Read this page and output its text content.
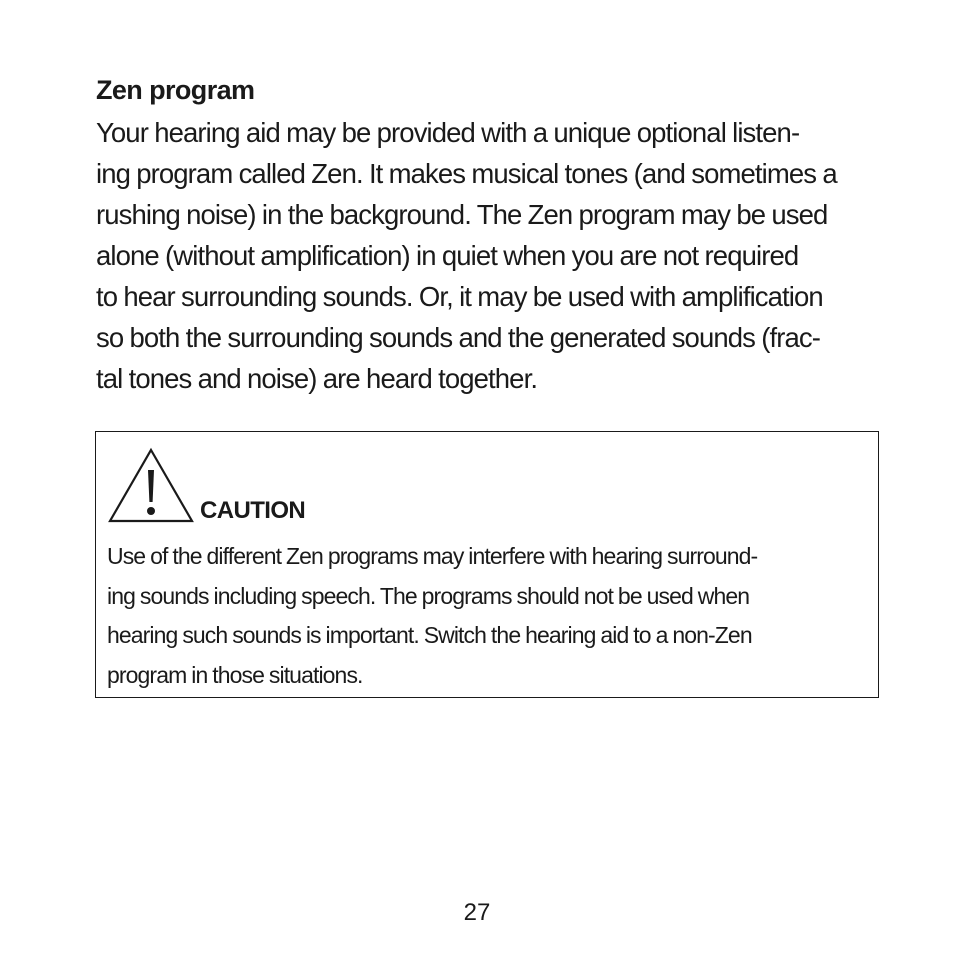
Zen program

Your hearing aid may be provided with a unique optional listen-
ing program called Zen. It makes musical tones (and sometimes a
rushing noise) in the background. The Zen program may be used
alone (without amplification) in quiet when you are not required
to hear surrounding sounds. Or, it may be used with amplification
so both the surrounding sounds and the generated sounds (frac-
tal tones and noise) are heard together.

CAUTION

Use of the different Zen programs may interfere with hearing surround-
ing sounds including speech. The programs should not be used when
hearing such sounds is important. Switch the hearing aid to a non-Zen
program in those situations.

27
